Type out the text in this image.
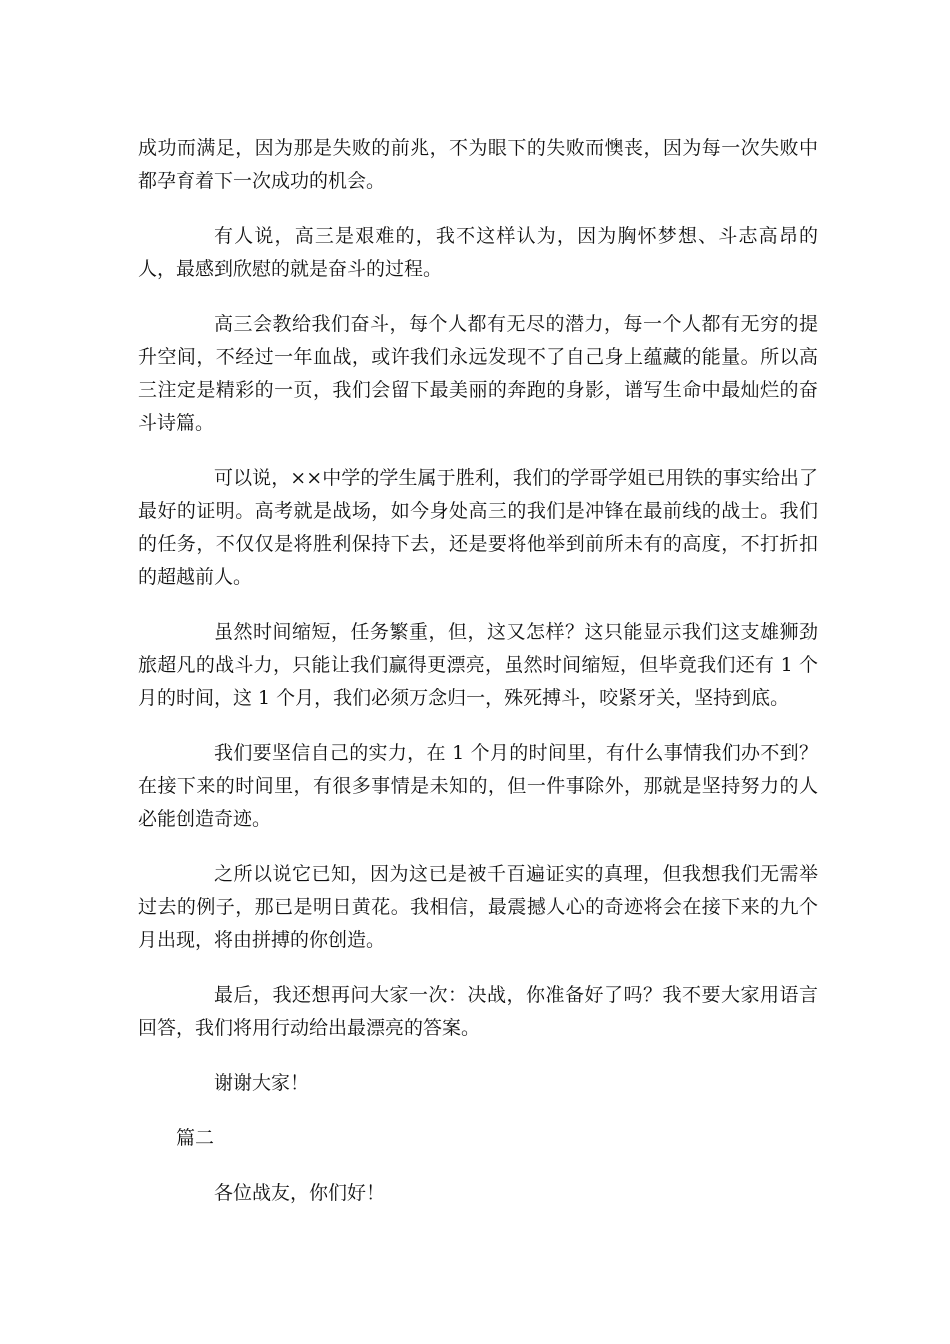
成功而满足，因为那是失败的前兆，不为眼下的失败而懊丧，因为每一次失败中都孕育着下一次成功的机会。

有人说，高三是艰难的，我不这样认为，因为胸怀梦想、斗志高昂的人，最感到欣慰的就是奋斗的过程。

高三会教给我们奋斗，每个人都有无尽的潜力，每一个人都有无穷的提升空间，不经过一年血战，或许我们永远发现不了自己身上蕴藏的能量。所以高三注定是精彩的一页，我们会留下最美丽的奔跑的身影，谱写生命中最灿烂的奋斗诗篇。

可以说，××中学的学生属于胜利，我们的学哥学姐已用铁的事实给出了最好的证明。高考就是战场，如今身处高三的我们是冲锋在最前线的战士。我们的任务，不仅仅是将胜利保持下去，还是要将他举到前所未有的高度，不打折扣的超越前人。

虽然时间缩短，任务繁重，但，这又怎样？这只能显示我们这支雄狮劲旅超凡的战斗力，只能让我们赢得更漂亮，虽然时间缩短，但毕竟我们还有 1 个月的时间，这 1 个月，我们必须万念归一，殊死搏斗，咬紧牙关，坚持到底。

我们要坚信自己的实力，在 1 个月的时间里，有什么事情我们办不到？在接下来的时间里，有很多事情是未知的，但一件事除外，那就是坚持努力的人必能创造奇迹。

之所以说它已知，因为这已是被千百遍证实的真理，但我想我们无需举过去的例子，那已是明日黄花。我相信，最震撼人心的奇迹将会在接下来的九个月出现，将由拼搏的你创造。

最后，我还想再问大家一次：决战，你准备好了吗？我不要大家用语言回答，我们将用行动给出最漂亮的答案。

谢谢大家！

篇二

各位战友，你们好！
